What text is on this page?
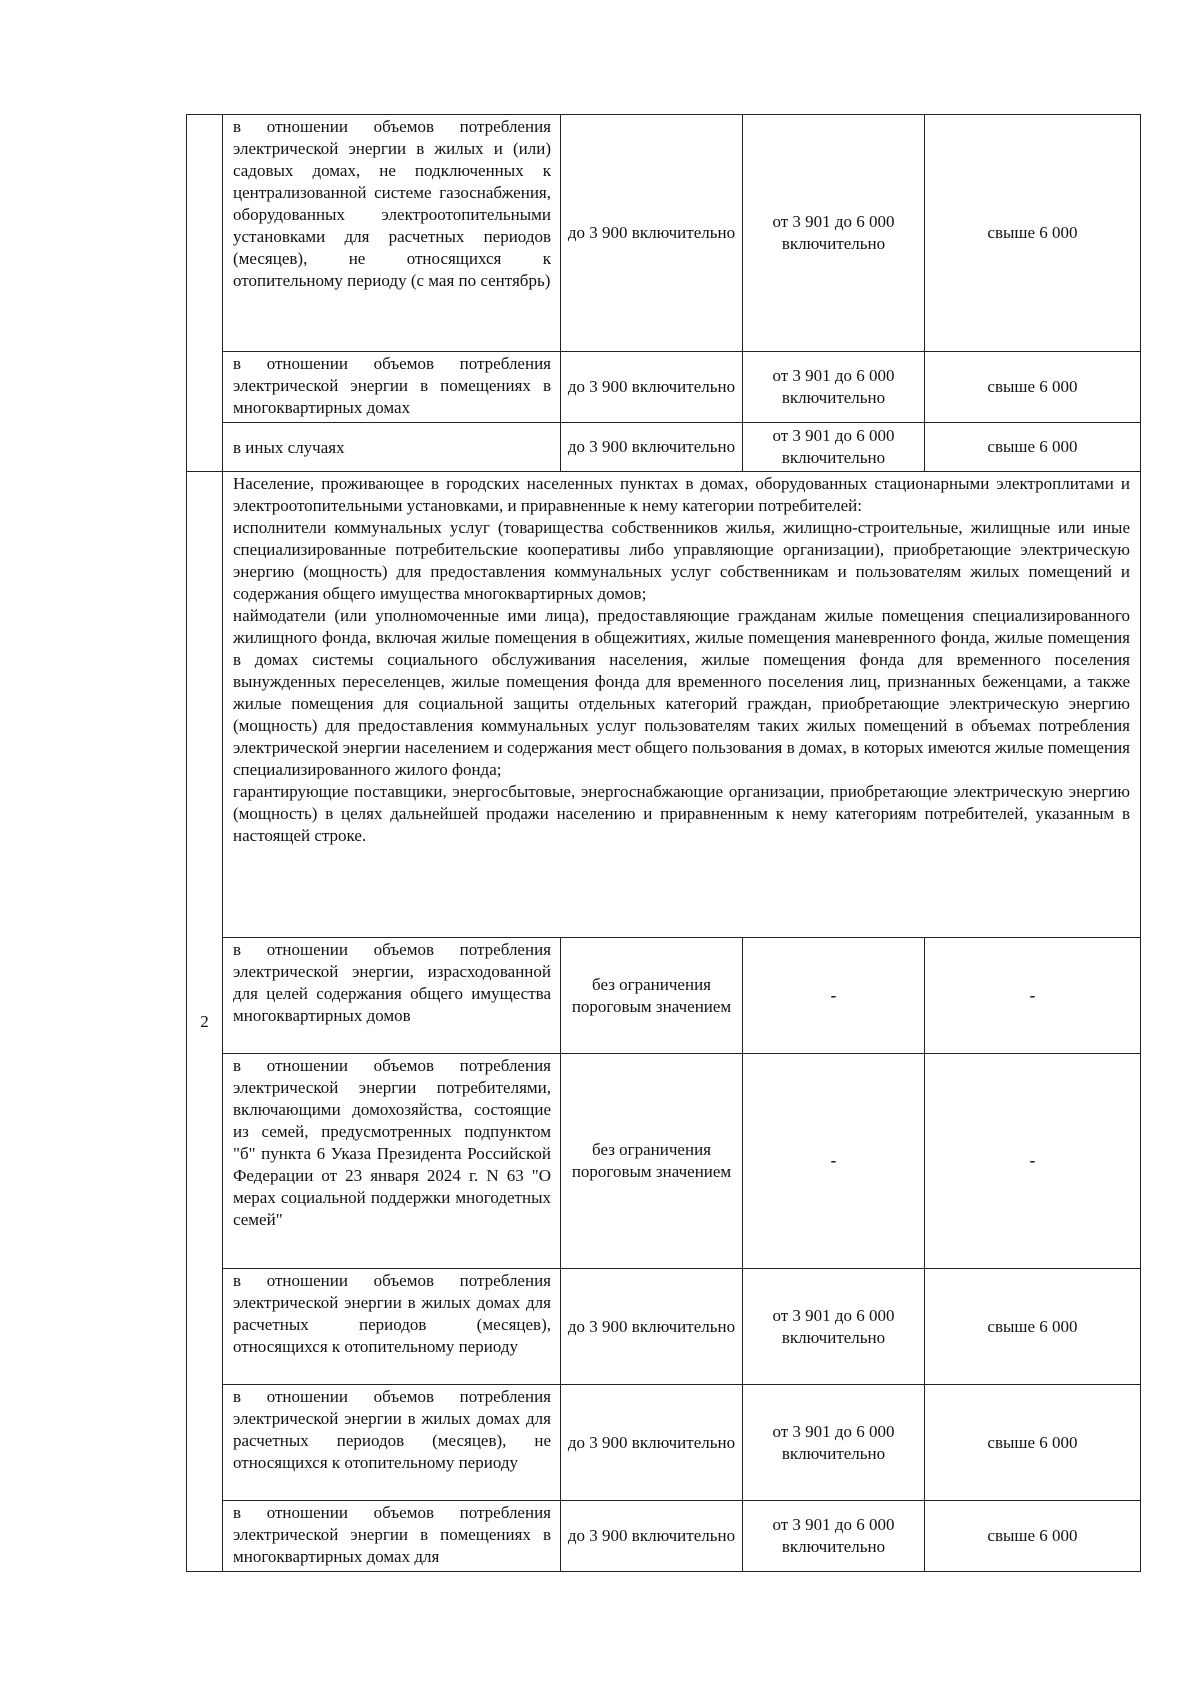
	в отношении объемов потребления электрической энергии в жилых и (или) садовых домах, не подключенных к централизованной системе газоснабжения, оборудованных электроотопительными установками для расчетных периодов (месяцев), не относящихся к отопительному периоду (с мая по сентябрь)	до 3 900 включительно	от 3 901 до 6 000 включительно	свыше 6 000
	в отношении объемов потребления электрической энергии в помещениях в многоквартирных домах	до 3 900 включительно	от 3 901 до 6 000 включительно	свыше 6 000
	в иных случаях	до 3 900 включительно	от 3 901 до 6 000 включительно	свыше 6 000
2	Население, проживающее в городских населенных пунктах в домах, оборудованных стационарными электроплитами и электроотопительными установками, и приравненные к нему категории потребителей:
исполнители коммунальных услуг (товарищества собственников жилья, жилищно-строительные, жилищные или иные специализированные потребительские кооперативы либо управляющие организации), приобретающие электрическую энергию (мощность) для предоставления коммунальных услуг собственникам и пользователям жилых помещений и содержания общего имущества многоквартирных домов;
наймодатели (или уполномоченные ими лица), предоставляющие гражданам жилые помещения специализированного жилищного фонда, включая жилые помещения в общежитиях, жилые помещения маневренного фонда, жилые помещения в домах системы социального обслуживания населения, жилые помещения фонда для временного поселения вынужденных переселенцев, жилые помещения фонда для временного поселения лиц, признанных беженцами, а также жилые помещения для социальной защиты отдельных категорий граждан, приобретающие электрическую энергию (мощность) для предоставления коммунальных услуг пользователям таких жилых помещений в объемах потребления электрической энергии населением и содержания мест общего пользования в домах, в которых имеются жилые помещения специализированного жилого фонда;
гарантирующие поставщики, энергосбытовые, энергоснабжающие организации, приобретающие электрическую энергию (мощность) в целях дальнейшей продажи населению и приравненным к нему категориям потребителей, указанным в настоящей строке.			

	в отношении объемов потребления электрической энергии, израсходованной для целей содержания общего имущества многоквартирных домов	без ограничения пороговым значением	-	-
	в отношении объемов потребления электрической энергии потребителями, включающими домохозяйства, состоящие из семей, предусмотренных подпунктом "б" пункта 6 Указа Президента Российской Федерации от 23 января 2024 г. N 63 "О мерах социальной поддержки многодетных семей"	без ограничения пороговым значением	-	-
	в отношении объемов потребления электрической энергии в жилых домах для расчетных периодов (месяцев), относящихся к отопительному периоду	до 3 900 включительно	от 3 901 до 6 000 включительно	свыше 6 000
	в отношении объемов потребления электрической энергии в жилых домах для расчетных периодов (месяцев), не относящихся к отопительному периоду	до 3 900 включительно	от 3 901 до 6 000 включительно	свыше 6 000
	в отношении объемов потребления электрической энергии в помещениях в многоквартирных домах для	до 3 900 включительно	от 3 901 до 6 000 включительно	свыше 6 000
